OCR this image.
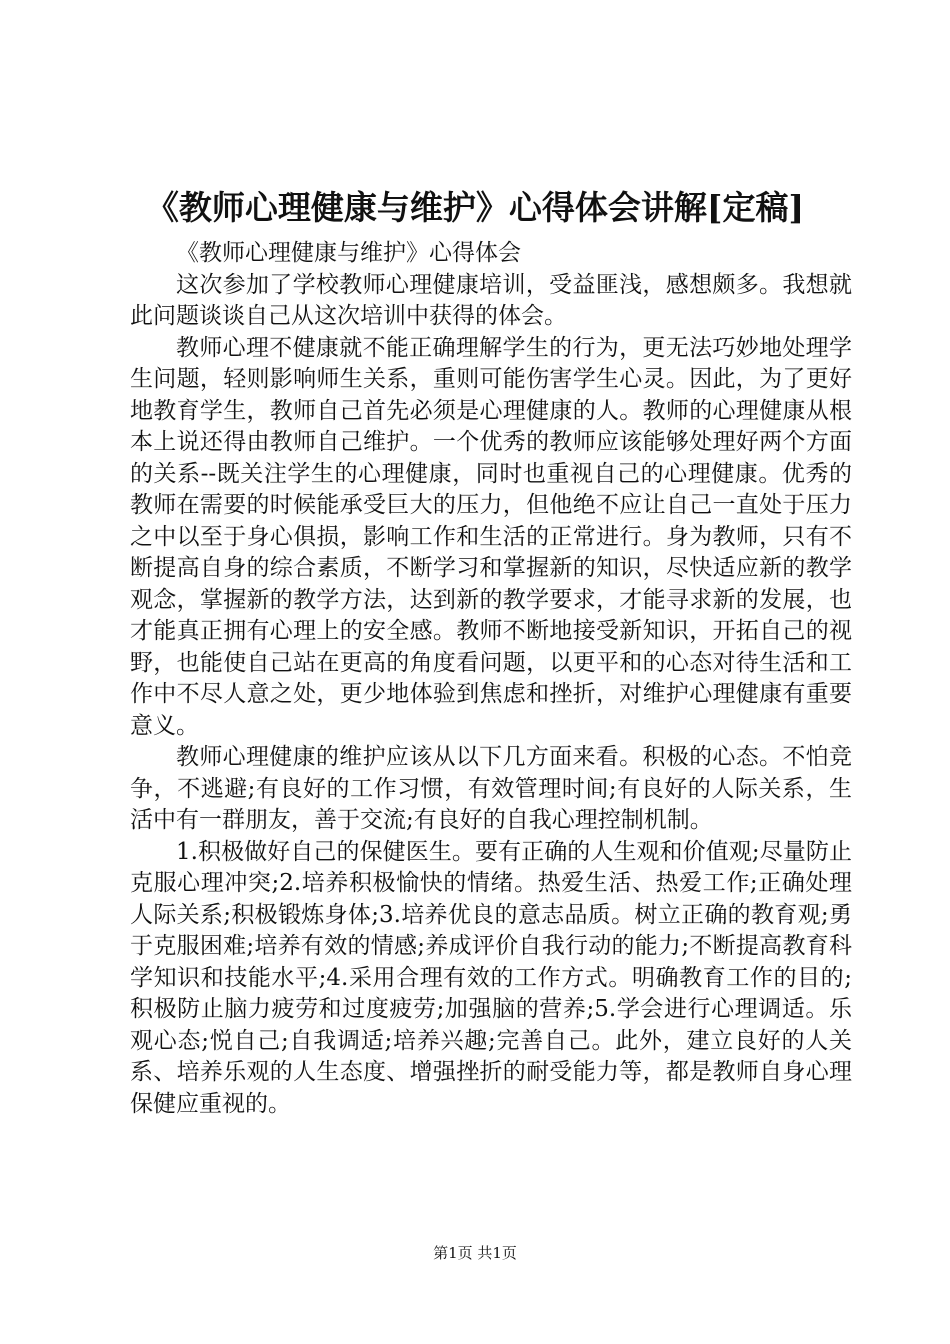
《教师心理健康与维护》心得体会讲解[定稿]

《教师心理健康与维护》心得体会

这次参加了学校教师心理健康培训，受益匪浅，感想颇多。我想就此问题谈谈自己从这次培训中获得的体会。

教师心理不健康就不能正确理解学生的行为，更无法巧妙地处理学生问题，轻则影响师生关系，重则可能伤害学生心灵。因此，为了更好地教育学生，教师自己首先必须是心理健康的人。教师的心理健康从根本上说还得由教师自己维护。一个优秀的教师应该能够处理好两个方面的关系--既关注学生的心理健康，同时也重视自己的心理健康。优秀的教师在需要的时候能承受巨大的压力，但他绝不应让自己一直处于压力之中以至于身心俱损，影响工作和生活的正常进行。身为教师，只有不断提高自身的综合素质，不断学习和掌握新的知识，尽快适应新的教学观念，掌握新的教学方法，达到新的教学要求，才能寻求新的发展，也才能真正拥有心理上的安全感。教师不断地接受新知识，开拓自己的视野，也能使自己站在更高的角度看问题，以更平和的心态对待生活和工作中不尽人意之处，更少地体验到焦虑和挫折，对维护心理健康有重要意义。

教师心理健康的维护应该从以下几方面来看。积极的心态。不怕竞争，不逃避;有良好的工作习惯，有效管理时间;有良好的人际关系，生活中有一群朋友，善于交流;有良好的自我心理控制机制。

1.积极做好自己的保健医生。要有正确的人生观和价值观;尽量防止克服心理冲突;2.培养积极愉快的情绪。热爱生活、热爱工作;正确处理人际关系;积极锻炼身体;3.培养优良的意志品质。树立正确的教育观;勇于克服困难;培养有效的情感;养成评价自我行动的能力;不断提高教育科学知识和技能水平;4.采用合理有效的工作方式。明确教育工作的目的;积极防止脑力疲劳和过度疲劳;加强脑的营养;5.学会进行心理调适。乐观心态;悦自己;自我调适;培养兴趣;完善自己。此外，建立良好的人关系、培养乐观的人生态度、增强挫折的耐受能力等，都是教师自身心理保健应重视的。

第1页 共1页
